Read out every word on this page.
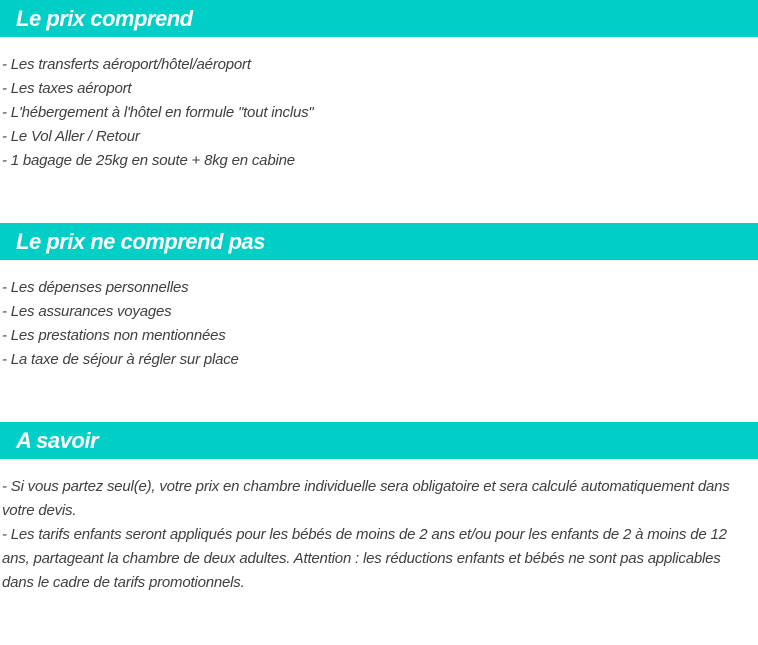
Le prix comprend

- Les transferts aéroport/hôtel/aéroport

- Les taxes aéroport

- L'hébergement à l'hôtel en formule "tout inclus"

- Le Vol Aller / Retour

- 1 bagage de 25kg en soute + 8kg en cabine

Le prix ne comprend pas

- Les dépenses personnelles

- Les assurances voyages

- Les prestations non mentionnées

- La taxe de séjour à régler sur place

A savoir

- Si vous partez seul(e), votre prix en chambre individuelle sera obligatoire et sera calculé automatiquement dans votre devis.

- Les tarifs enfants seront appliqués pour les bébés de moins de 2 ans et/ou pour les enfants de 2 à moins de 12 ans, partageant la chambre de deux adultes. Attention : les réductions enfants et bébés ne sont pas applicables dans le cadre de tarifs promotionnels.
